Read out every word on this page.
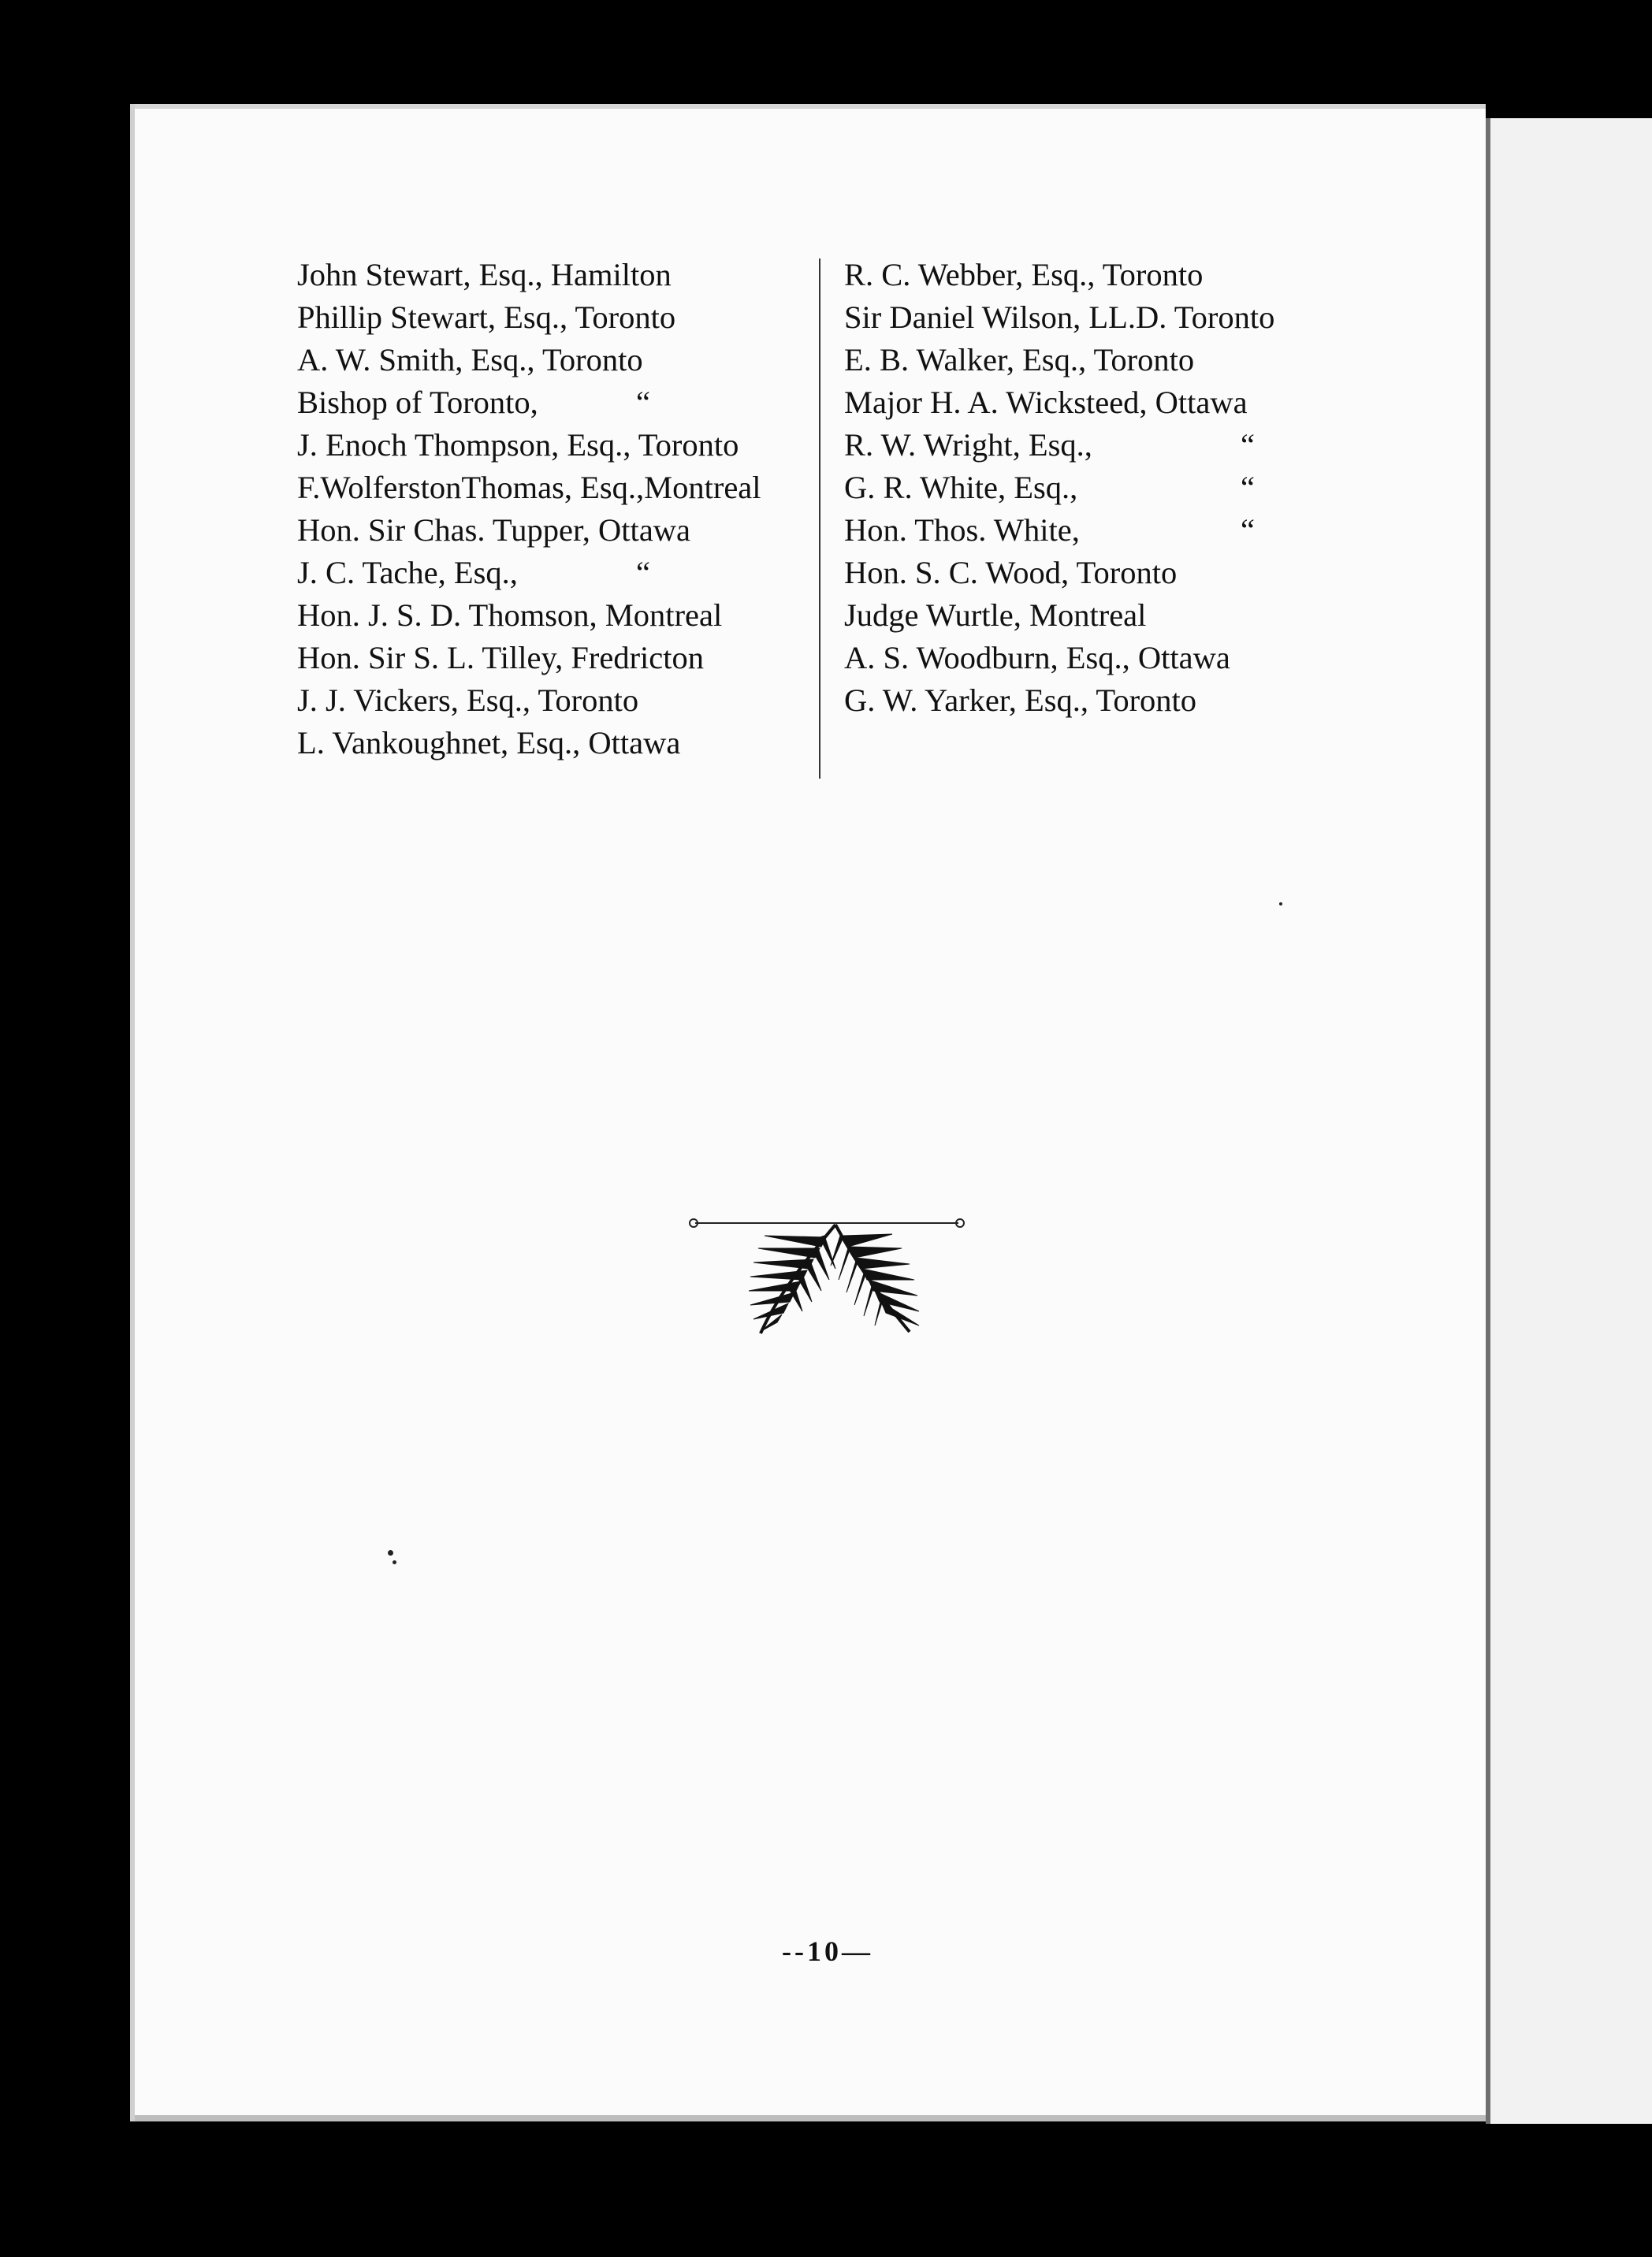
John Stewart, Esq., Hamilton
Phillip Stewart, Esq., Toronto
A. W. Smith, Esq., Toronto
Bishop of Toronto,	“
J. Enoch Thompson, Esq., Toronto
F.WolferstonThomas, Esq.,Montreal
Hon. Sir Chas. Tupper, Ottawa
J. C. Tache, Esq.,	“
Hon. J. S. D. Thomson, Montreal
Hon. Sir S. L. Tilley, Fredricton
J. J. Vickers, Esq., Toronto
L. Vankoughnet, Esq., Ottawa
R. C. Webber, Esq., Toronto
Sir Daniel Wilson, LL.D. Toronto
E. B. Walker, Esq., Toronto
Major H. A. Wicksteed, Ottawa
R. W. Wright, Esq.,	“
G. R. White, Esq.,	“
Hon. Thos. White,	“
Hon. S. C. Wood, Toronto
Judge Wurtle, Montreal
A. S. Woodburn, Esq., Ottawa
G. W. Yarker, Esq., Toronto
--10—
